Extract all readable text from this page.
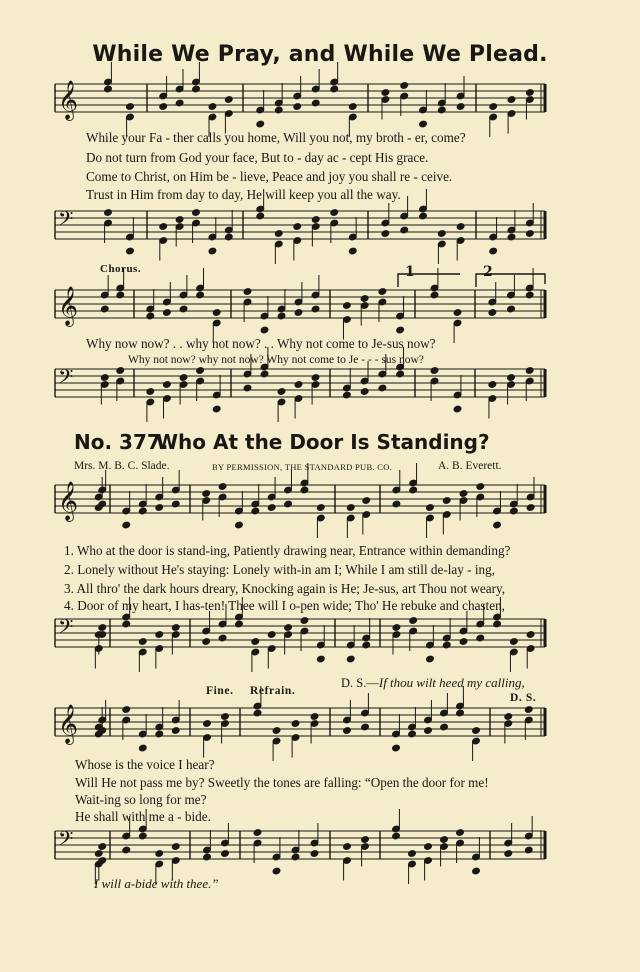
𝄞
𝄢
𝄞
𝄢
𝄞
𝄢
𝄞
𝄢
While We Pray, and While We Plead.
While your Fa - ther calls you home, Will you not, my broth - er, come?
Do not turn from God your face, But to - day ac - cept His grace.
Come to Christ, on Him be - lieve, Peace and joy you shall re - ceive.
Trust in Him from day to day, He will keep you all the way.
Chorus.	1	2
Why now now? . . why not now? . . Why not come to Je-sus now?
Why not now? why not now? Why not come to Je - - - sus now?
No. 377.
Who At the Door Is Standing?
Mrs. M. B. C. Slade.	BY PERMISSION, THE STANDARD PUB. CO.	A. B. Everett.
1. Who at the door is stand-ing, Patiently drawing near, Entrance within demanding?
2. Lonely without He's staying: Lonely with-in am I; While I am still de-lay - ing,
3. All thro' the dark hours dreary, Knocking again is He; Je-sus, art Thou not weary,
4. Door of my heart, I has-ten! Thee will I o-pen wide; Tho' He rebuke and chasten,
D. S.—If thou wilt heed my calling,
Fine. Refrain.
D. S.
Whose is the voice I hear?
Will He not pass me by? Sweetly the tones are falling: “Open the door for me!
Wait-ing so long for me?
He shall with me a - bide.
I will a-bide with thee.”
